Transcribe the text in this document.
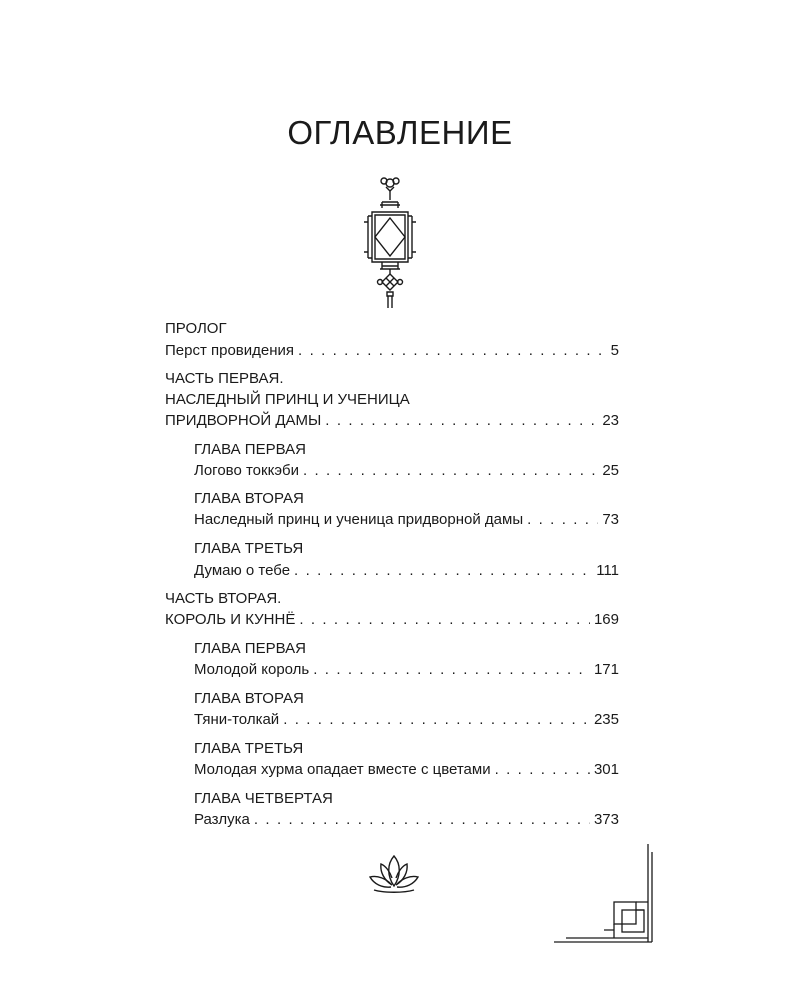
ОГЛАВЛЕНИЕ
ПРОЛОГ
Перст провидения . . .	5
ЧАСТЬ ПЕРВАЯ.
НАСЛЕДНЫЙ ПРИНЦ И УЧЕНИЦА
ПРИДВОРНОЙ ДАМЫ . . .	23
ГЛАВА ПЕРВАЯ
Логово токкэби . . .	25
ГЛАВА ВТОРАЯ
Наследный принц и ученица придворной дамы . . .	73
ГЛАВА ТРЕТЬЯ
Думаю о тебе . . .	111
ЧАСТЬ ВТОРАЯ.
КОРОЛЬ И КУННЁ . . .	169
ГЛАВА ПЕРВАЯ
Молодой король . . .	171
ГЛАВА ВТОРАЯ
Тяни-толкай . . .	235
ГЛАВА ТРЕТЬЯ
Молодая хурма опадает вместе с цветами . . .	301
ГЛАВА ЧЕТВЕРТАЯ
Разлука . . .	373
